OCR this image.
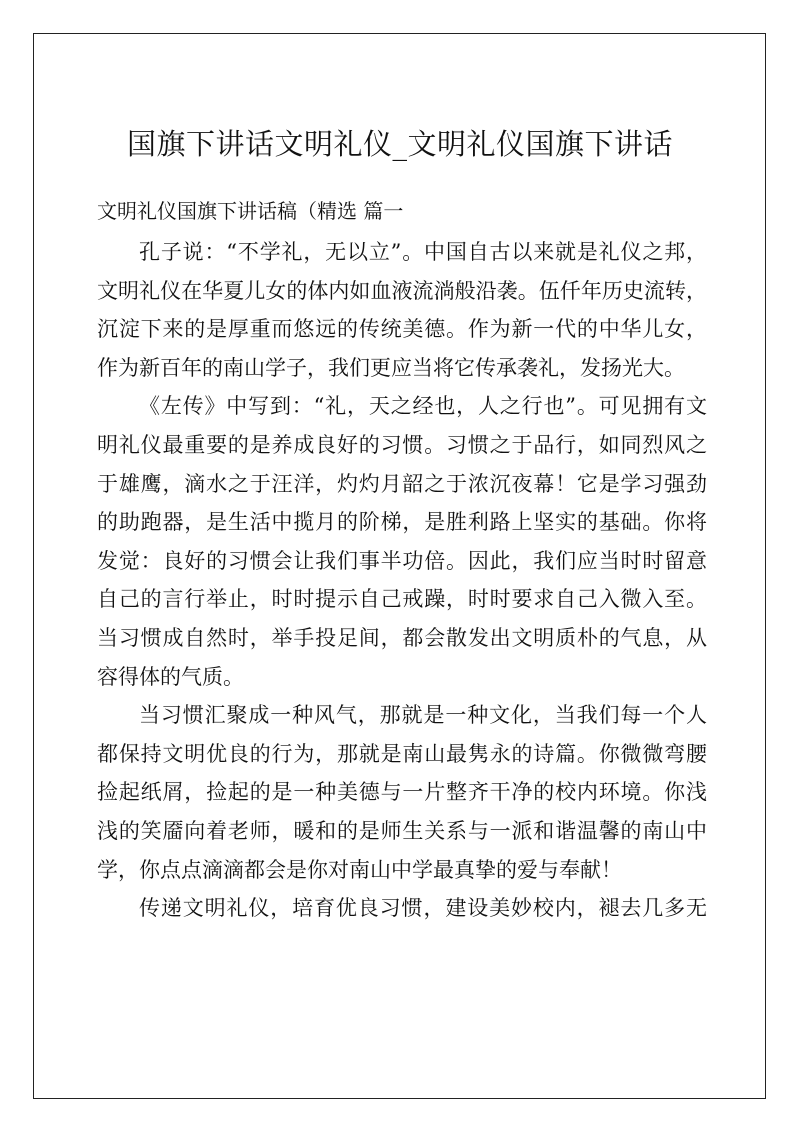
国旗下讲话文明礼仪_文明礼仪国旗下讲话

文明礼仪国旗下讲话稿（精选 篇一

孔子说：“不学礼，无以立”。中国自古以来就是礼仪之邦，
文明礼仪在华夏儿女的体内如血液流淌般沿袭。伍仟年历史流转，
沉淀下来的是厚重而悠远的传统美德。作为新一代的中华儿女，
作为新百年的南山学子，我们更应当将它传承袭礼，发扬光大。
《左传》中写到：“礼，天之经也，人之行也”。可见拥有文
明礼仪最重要的是养成良好的习惯。习惯之于品行，如同烈风之
于雄鹰，滴水之于汪洋，灼灼月韶之于浓沉夜幕！它是学习强劲
的助跑器，是生活中揽月的阶梯，是胜利路上坚实的基础。你将
发觉：良好的习惯会让我们事半功倍。因此，我们应当时时留意
自己的言行举止，时时提示自己戒躁，时时要求自己入微入至。
当习惯成自然时，举手投足间，都会散发出文明质朴的气息，从
容得体的气质。
当习惯汇聚成一种风气，那就是一种文化，当我们每一个人
都保持文明优良的行为，那就是南山最隽永的诗篇。你微微弯腰
捡起纸屑，捡起的是一种美德与一片整齐干净的校内环境。你浅
浅的笑靥向着老师，暖和的是师生关系与一派和谐温馨的南山中
学，你点点滴滴都会是你对南山中学最真挚的爱与奉献！
传递文明礼仪，培育优良习惯，建设美妙校内，褪去几多无
